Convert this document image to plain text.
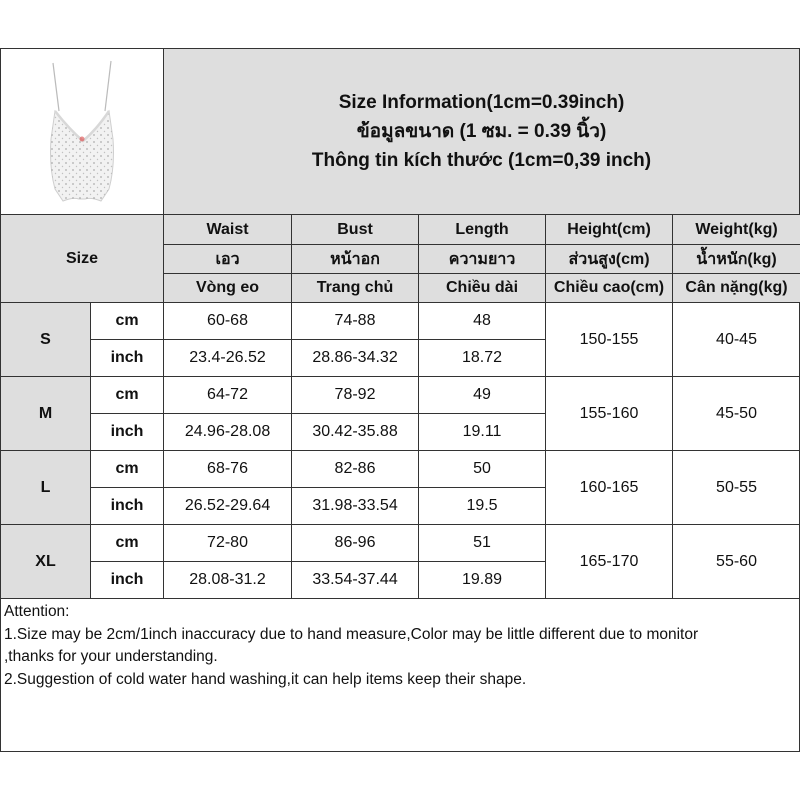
Size Information(1cm=0.39inch)
ข้อมูลขนาด (1 ซม. = 0.39 นิ้ว)
Thông tin kích thước (1cm=0,39 inch)
Size		Waist	Bust	Length	Height(cm)	Weight(kg)
		เอว	หน้าอก	ความยาว	ส่วนสูง(cm)	น้ำหนัก(kg)
		Vòng eo	Trang chủ	Chiều dài	Chiều cao(cm)	Cân nặng(kg)
S	cm	60-68	74-88	48	150-155	40-45
	inch	23.4-26.52	28.86-34.32	18.72		
M	cm	64-72	78-92	49	155-160	45-50
	inch	24.96-28.08	30.42-35.88	19.11		
L	cm	68-76	82-86	50	160-165	50-55
	inch	26.52-29.64	31.98-33.54	19.5		
XL	cm	72-80	86-96	51	165-170	55-60
	inch	28.08-31.2	33.54-37.44	19.89		
Attention:
1.Size may be 2cm/1inch inaccuracy due to hand measure,Color may be little different due to monitor
,thanks for your understanding.
2.Suggestion of cold water hand washing,it can help items keep their shape.
